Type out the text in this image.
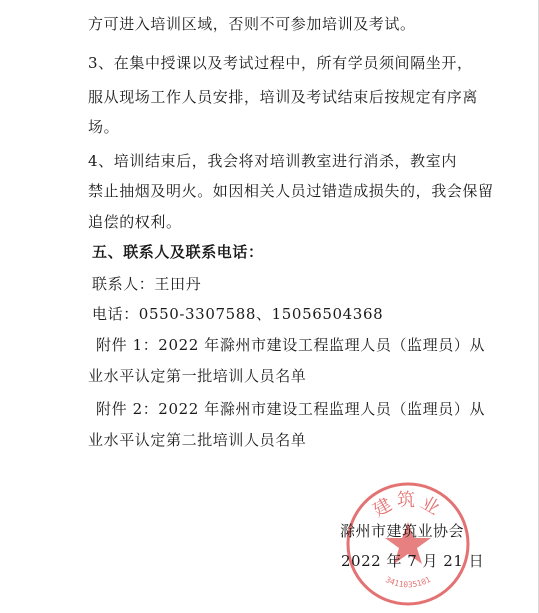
方可进入培训区域，否则不可参加培训及考试。
3、在集中授课以及考试过程中，所有学员须间隔坐开，
服从现场工作人员安排，培训及考试结束后按规定有序离
场。
4、培训结束后，我会将对培训教室进行消杀，教室内
禁止抽烟及明火。如因相关人员过错造成损失的，我会保留
追偿的权利。
五、联系人及联系电话：
联系人：王田丹
电话：0550-3307588、15056504368
附件 1：2022 年滁州市建设工程监理人员（监理员）从
业水平认定第一批培训人员名单
附件 2：2022 年滁州市建设工程监理人员（监理员）从
业水平认定第二批培训人员名单
建筑业
3411035101
滁州市建筑业协会
2022 年 7 月 21 日
